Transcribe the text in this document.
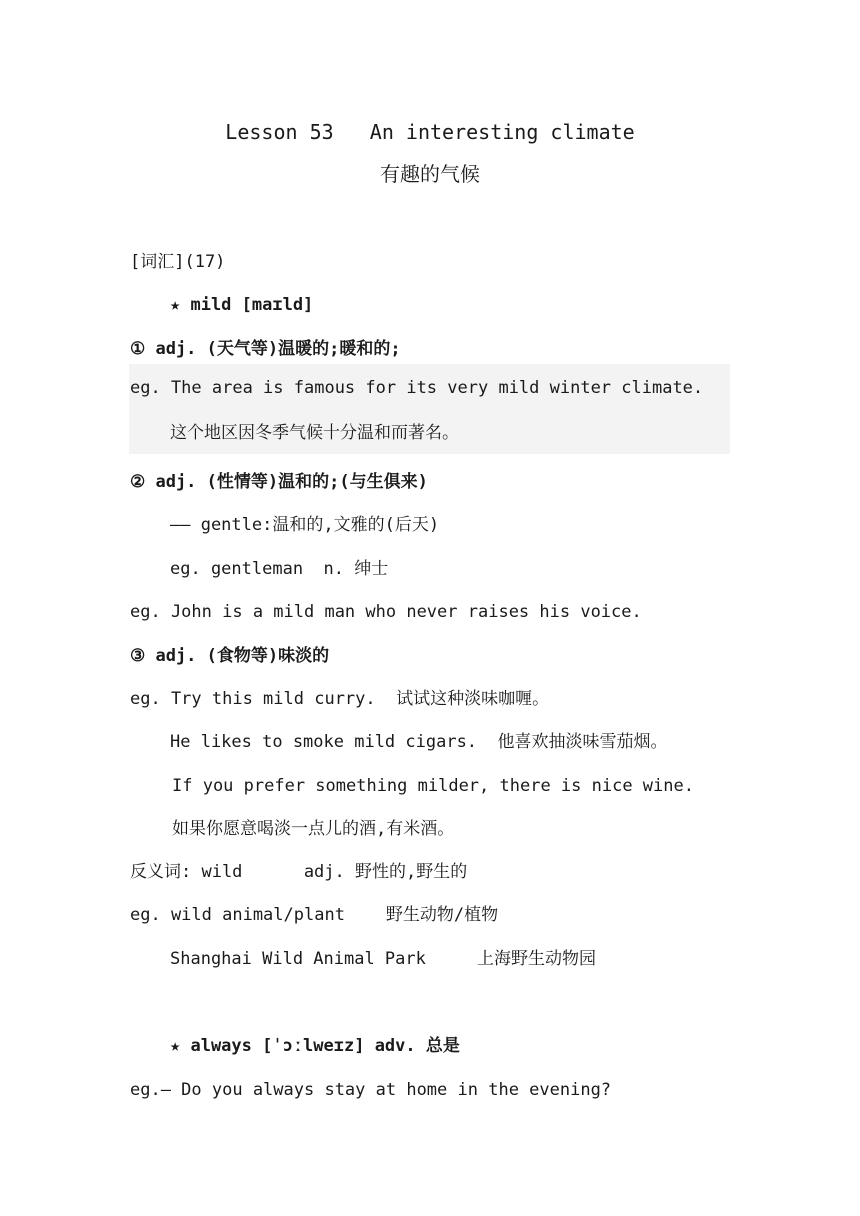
Lesson 53   An interesting climate
有趣的气候
[词汇](17)
★ mild [maɪld]
① adj. (天气等)温暖的;暖和的;
eg. The area is famous for its very mild winter climate.
这个地区因冬季气候十分温和而著名。
② adj. (性情等)温和的;(与生俱来)
—— gentle:温和的,文雅的(后天)
eg. gentleman  n. 绅士
eg. John is a mild man who never raises his voice.
③ adj. (食物等)味淡的
eg. Try this mild curry.  试试这种淡味咖喱。
He likes to smoke mild cigars.  他喜欢抽淡味雪茄烟。
If you prefer something milder, there is nice wine.
如果你愿意喝淡一点儿的酒,有米酒。
反义词: wild      adj. 野性的,野生的
eg. wild animal/plant    野生动物/植物
Shanghai Wild Animal Park     上海野生动物园
★ always [ˈɔːlweɪz] adv. 总是
eg.— Do you always stay at home in the evening?
